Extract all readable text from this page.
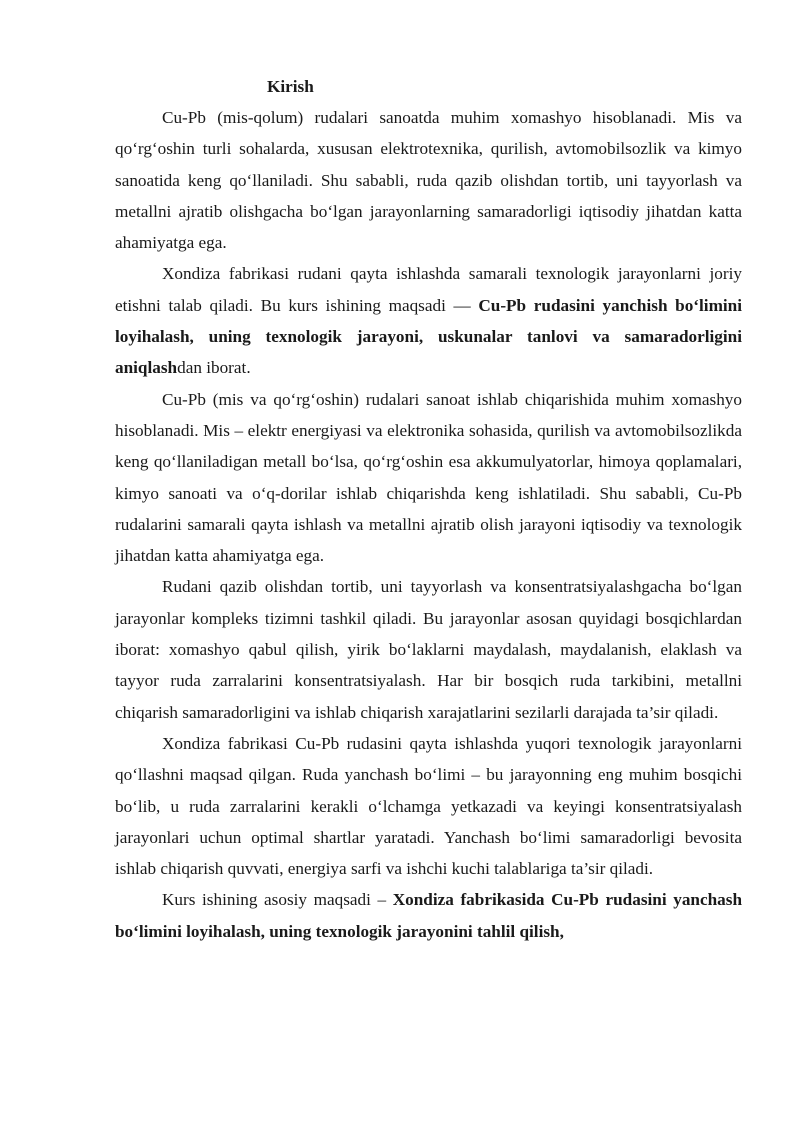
Kirish

Cu-Pb (mis-qolum) rudalari sanoatda muhim xomashyo hisoblanadi. Mis va qo‘rg‘oshin turli sohalarda, xususan elektrotexnika, qurilish, avtomobilsozlik va kimyo sanoatida keng qo‘llaniladi. Shu sababli, ruda qazib olishdan tortib, uni tayyorlash va metallni ajratib olishgacha bo‘lgan jarayonlarning samaradorligi iqtisodiy jihatdan katta ahamiyatga ega.

Xondiza fabrikasi rudani qayta ishlashda samarali texnologik jarayonlarni joriy etishni talab qiladi. Bu kurs ishining maqsadi — Cu-Pb rudasini yanchish bo‘limini loyihalash, uning texnologik jarayoni, uskunalar tanlovi va samaradorligini aniqlashdan iborat.

Cu-Pb (mis va qo‘rg‘oshin) rudalari sanoat ishlab chiqarishida muhim xomashyo hisoblanadi. Mis – elektr energiyasi va elektronika sohasida, qurilish va avtomobilsozlikda keng qo‘llaniladigan metall bo‘lsa, qo‘rg‘oshin esa akkumulyatorlar, himoya qoplamalari, kimyo sanoati va o‘q-dorilar ishlab chiqarishda keng ishlatiladi. Shu sababli, Cu-Pb rudalarini samarali qayta ishlash va metallni ajratib olish jarayoni iqtisodiy va texnologik jihatdan katta ahamiyatga ega.

Rudani qazib olishdan tortib, uni tayyorlash va konsentratsiyalashgacha bo‘lgan jarayonlar kompleks tizimni tashkil qiladi. Bu jarayonlar asosan quyidagi bosqichlardan iborat: xomashyo qabul qilish, yirik bo‘laklarni maydalash, maydalanish, elaklash va tayyor ruda zarralarini konsentratsiyalash. Har bir bosqich ruda tarkibini, metallni chiqarish samaradorligini va ishlab chiqarish xarajatlarini sezilarli darajada ta’sir qiladi.

Xondiza fabrikasi Cu-Pb rudasini qayta ishlashda yuqori texnologik jarayonlarni qo‘llashni maqsad qilgan. Ruda yanchash bo‘limi – bu jarayonning eng muhim bosqichi bo‘lib, u ruda zarralarini kerakli o‘lchamga yetkazadi va keyingi konsentratsiyalash jarayonlari uchun optimal shartlar yaratadi. Yanchash bo‘limi samaradorligi bevosita ishlab chiqarish quvvati, energiya sarfi va ishchi kuchi talablariga ta’sir qiladi.

Kurs ishining asosiy maqsadi – Xondiza fabrikasida Cu-Pb rudasini yanchash bo‘limini loyihalash, uning texnologik jarayonini tahlil qilish,
